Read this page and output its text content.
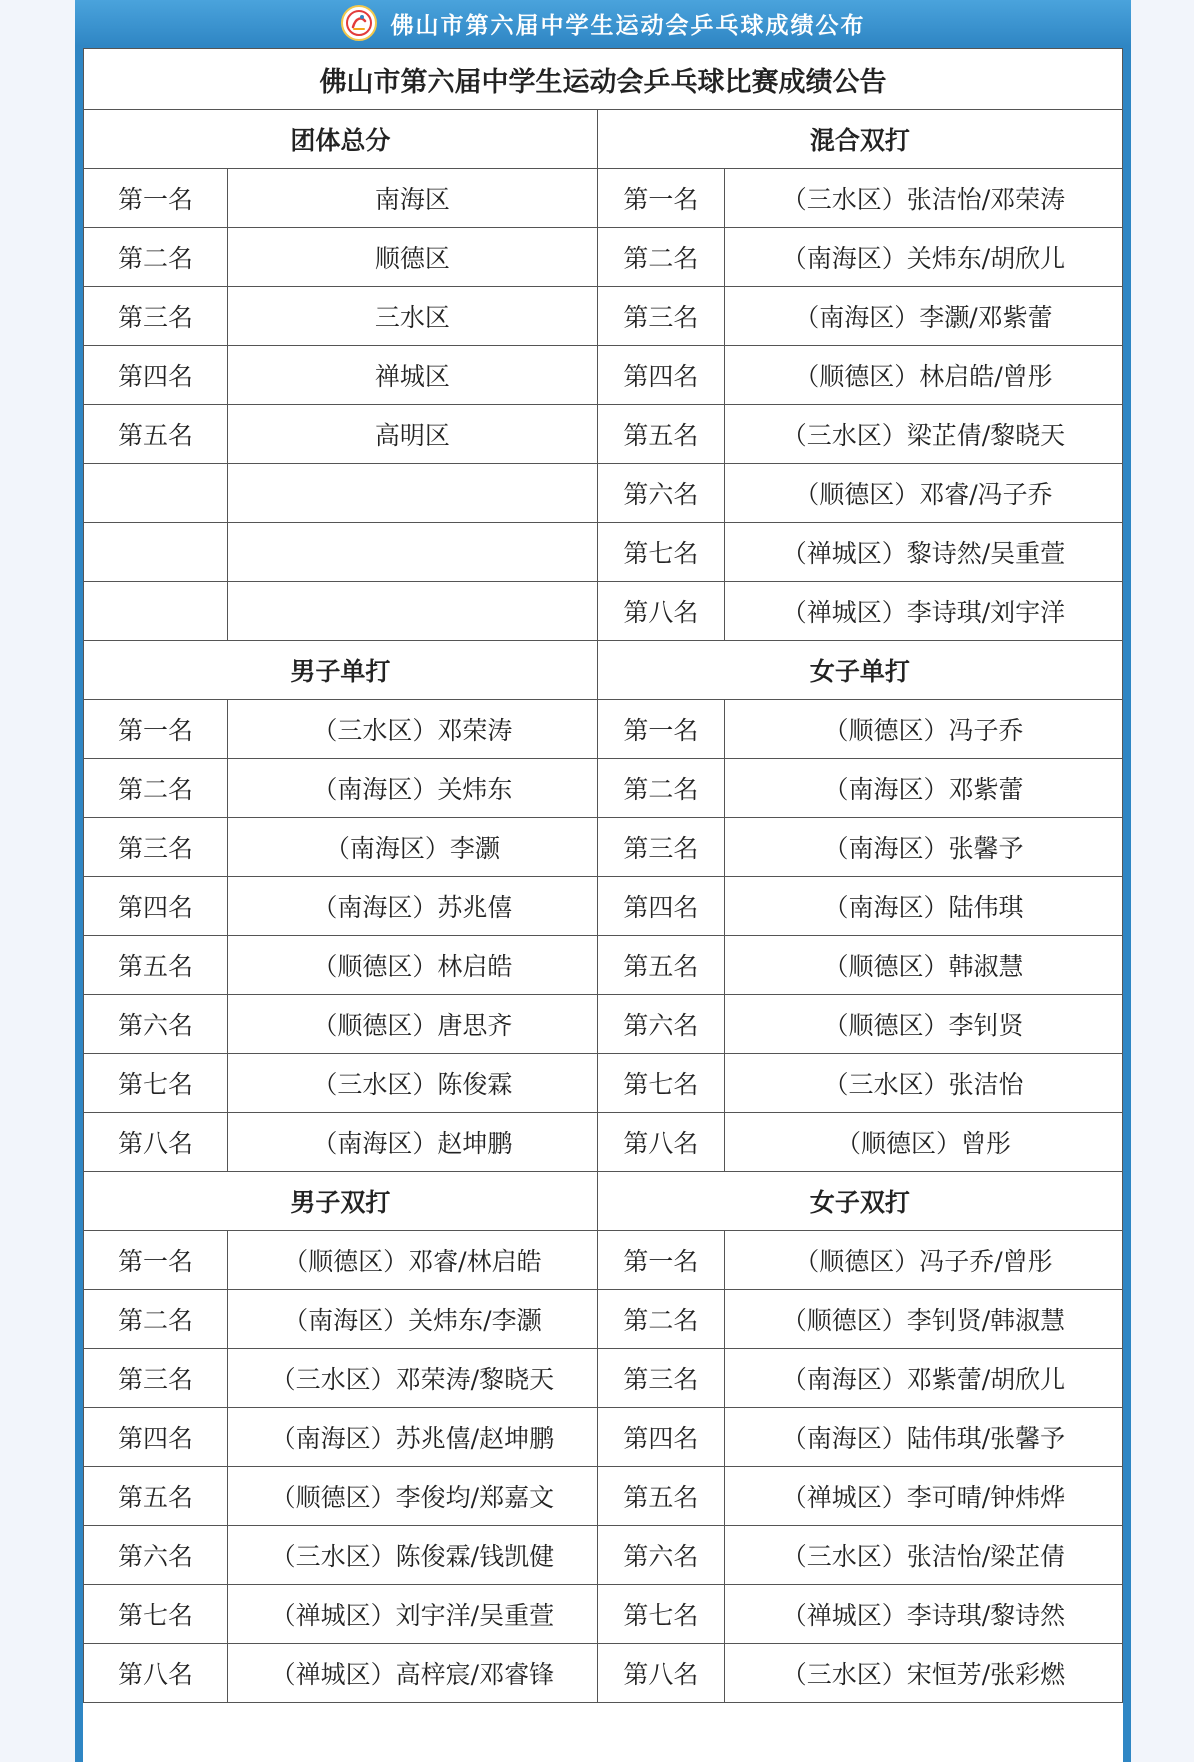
佛山市第六届中学生运动会乒乓球成绩公布
佛山市第六届中学生运动会乒乓球比赛成绩公告			
团体总分		混合双打	
第一名	南海区	第一名	（三水区）张洁怡/邓荣涛
第二名	顺德区	第二名	（南海区）关炜东/胡欣儿
第三名	三水区	第三名	（南海区）李灏/邓紫蕾
第四名	禅城区	第四名	（顺德区）林启皓/曾彤
第五名	高明区	第五名	（三水区）梁芷倩/黎晓天
		第六名	（顺德区）邓睿/冯子乔
		第七名	（禅城区）黎诗然/吴重萱
		第八名	（禅城区）李诗琪/刘宇洋
男子单打		女子单打	
第一名	（三水区）邓荣涛	第一名	（顺德区）冯子乔
第二名	（南海区）关炜东	第二名	（南海区）邓紫蕾
第三名	（南海区）李灏	第三名	（南海区）张馨予
第四名	（南海区）苏兆僖	第四名	（南海区）陆伟琪
第五名	（顺德区）林启皓	第五名	（顺德区）韩淑慧
第六名	（顺德区）唐思齐	第六名	（顺德区）李钊贤
第七名	（三水区）陈俊霖	第七名	（三水区）张洁怡
第八名	（南海区）赵坤鹏	第八名	（顺德区）曾彤
男子双打		女子双打	
第一名	（顺德区）邓睿/林启皓	第一名	（顺德区）冯子乔/曾彤
第二名	（南海区）关炜东/李灏	第二名	（顺德区）李钊贤/韩淑慧
第三名	（三水区）邓荣涛/黎晓天	第三名	（南海区）邓紫蕾/胡欣儿
第四名	（南海区）苏兆僖/赵坤鹏	第四名	（南海区）陆伟琪/张馨予
第五名	（顺德区）李俊均/郑嘉文	第五名	（禅城区）李可晴/钟炜烨
第六名	（三水区）陈俊霖/钱凯健	第六名	（三水区）张洁怡/梁芷倩
第七名	（禅城区）刘宇洋/吴重萱	第七名	（禅城区）李诗琪/黎诗然
第八名	（禅城区）高梓宸/邓睿锋	第八名	（三水区）宋恒芳/张彩燃
